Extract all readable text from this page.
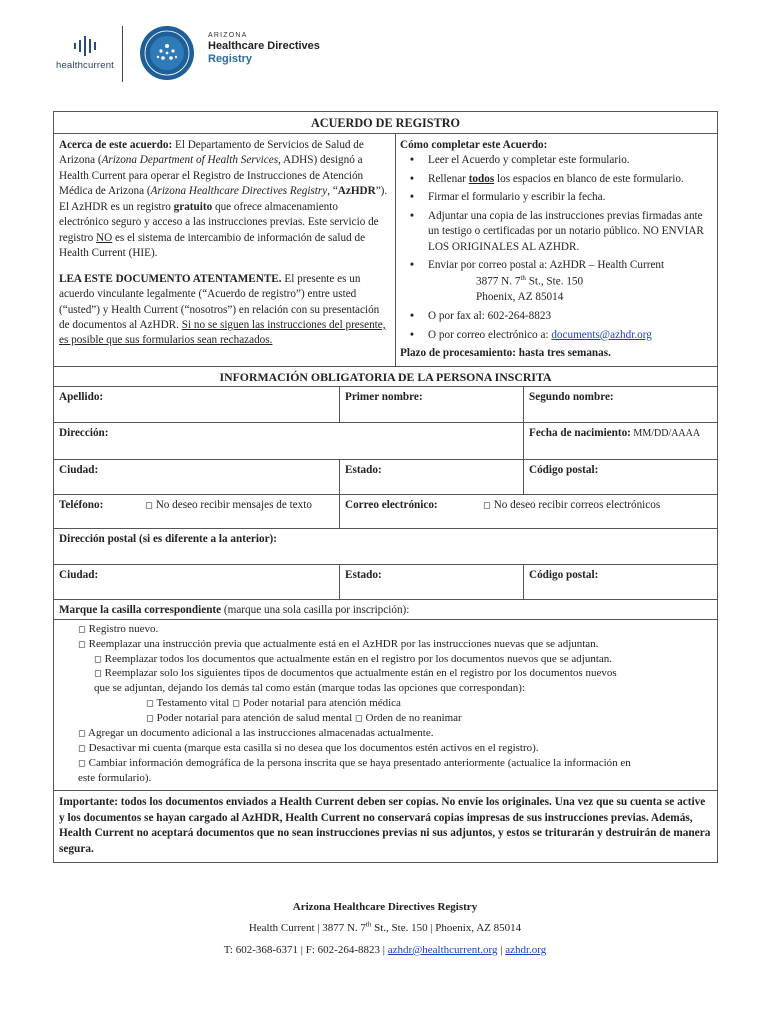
healthcurrent
ARIZONA
Healthcare Directives
Registry
ACUERDO DE REGISTRO

Acerca de este acuerdo: El Departamento de Servicios de Salud de Arizona (Arizona Department of Health Services, ADHS) designó a Health Current para operar el Registro de Instrucciones de Atención Médica de Arizona (Arizona Healthcare Directives Registry, “AzHDR”). El AzHDR es un registro gratuito que ofrece almacenamiento electrónico seguro y acceso a las instrucciones previas. Este servicio de registro NO es el sistema de intercambio de información de salud de Health Current (HIE).

LEA ESTE DOCUMENTO ATENTAMENTE. El presente es un acuerdo vinculante legalmente (“Acuerdo de registro”) entre usted (“usted”) y Health Current (“nosotros”) en relación con su presentación de documentos al AzHDR. Si no se siguen las instrucciones del presente, es posible que sus formularios sean rechazados.

Cómo completar este Acuerdo:
• Leer el Acuerdo y completar este formulario.
• Rellenar todos los espacios en blanco de este formulario.
• Firmar el formulario y escribir la fecha.
• Adjuntar una copia de las instrucciones previas firmadas ante un testigo o certificadas por un notario público. NO ENVIAR LOS ORIGINALES AL AZHDR.
• Enviar por correo postal a: AzHDR – Health Current
3877 N. 7th St., Ste. 150
Phoenix, AZ 85014
• O por fax al: 602-264-8823
• O por correo electrónico a: documents@azhdr.org
Plazo de procesamiento: hasta tres semanas.
INFORMACIÓN OBLIGATORIA DE LA PERSONA INSCRITA
Apellido:	Primer nombre:	Segundo nombre:
Dirección:	Fecha de nacimiento: MM/DD/AAAA
Ciudad:	Estado:	Código postal:
Teléfono:	◻ No deseo recibir mensajes de texto	Correo electrónico:	◻ No deseo recibir correos electrónicos
Dirección postal (si es diferente a la anterior):
Ciudad:	Estado:	Código postal:
Marque la casilla correspondiente (marque una sola casilla por inscripción):
◻ Registro nuevo.
◻ Reemplazar una instrucción previa que actualmente está en el AzHDR por las instrucciones nuevas que se adjuntan.
◻ Reemplazar todos los documentos que actualmente están en el registro por los documentos nuevos que se adjuntan.
◻ Reemplazar solo los siguientes tipos de documentos que actualmente están en el registro por los documentos nuevos
que se adjuntan, dejando los demás tal como están (marque todas las opciones que correspondan):
◻ Testamento vital ◻ Poder notarial para atención médica
◻ Poder notarial para atención de salud mental ◻ Orden de no reanimar
◻ Agregar un documento adicional a las instrucciones almacenadas actualmente.
◻ Desactivar mi cuenta (marque esta casilla si no desea que los documentos estén activos en el registro).
◻ Cambiar información demográfica de la persona inscrita que se haya presentado anteriormente (actualice la información en
este formulario).
Importante: todos los documentos enviados a Health Current deben ser copias. No envíe los originales. Una vez que su cuenta se active y los documentos se hayan cargado al AzHDR, Health Current no conservará copias impresas de sus instrucciones previas. Además, Health Current no aceptará documentos que no sean instrucciones previas ni sus adjuntos, y estos se triturarán y destruirán de manera segura.
Arizona Healthcare Directives Registry
Health Current | 3877 N. 7th St., Ste. 150 | Phoenix, AZ 85014
T: 602-368-6371 | F: 602-264-8823 | azhdr@healthcurrent.org | azhdr.org
